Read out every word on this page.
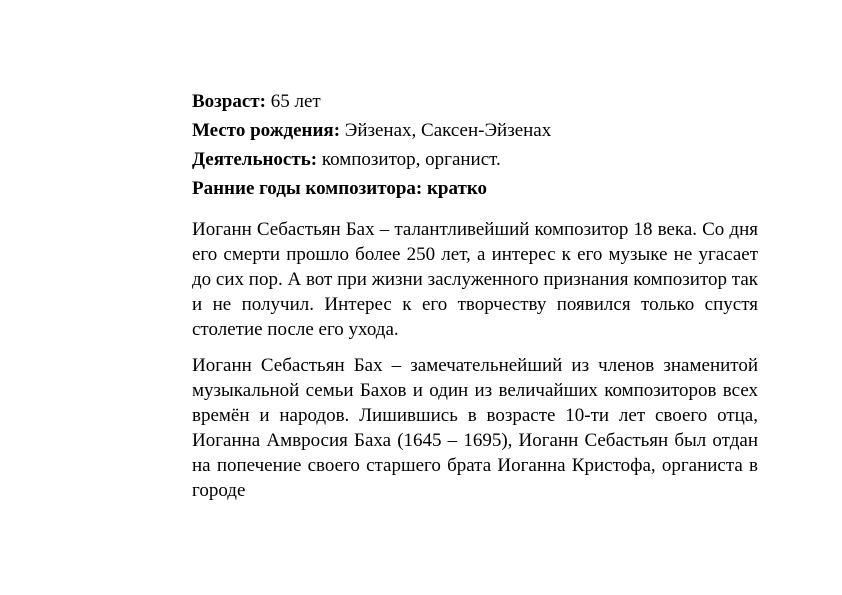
Возраст: 65 лет
Место рождения: Эйзенах, Саксен-Эйзенах
Деятельность: композитор, органист.
Ранние годы композитора: кратко

Иоганн Себастьян Бах – талантливейший композитор 18 века. Со дня его смерти прошло более 250 лет, а интерес к его музыке не угасает до сих пор. А вот при жизни заслуженного признания композитор так и не получил. Интерес к его творчеству появился только спустя столетие после его ухода.

Иоганн Себастьян Бах – замечательнейший из членов знаменитой музыкальной семьи Бахов и один из величайших композиторов всех времён и народов. Лишившись в возрасте 10-ти лет своего отца, Иоганна Амвросия Баха (1645 – 1695), Иоганн Себастьян был отдан на попечение своего старшего брата Иоганна Кристофа, органиста в городе
